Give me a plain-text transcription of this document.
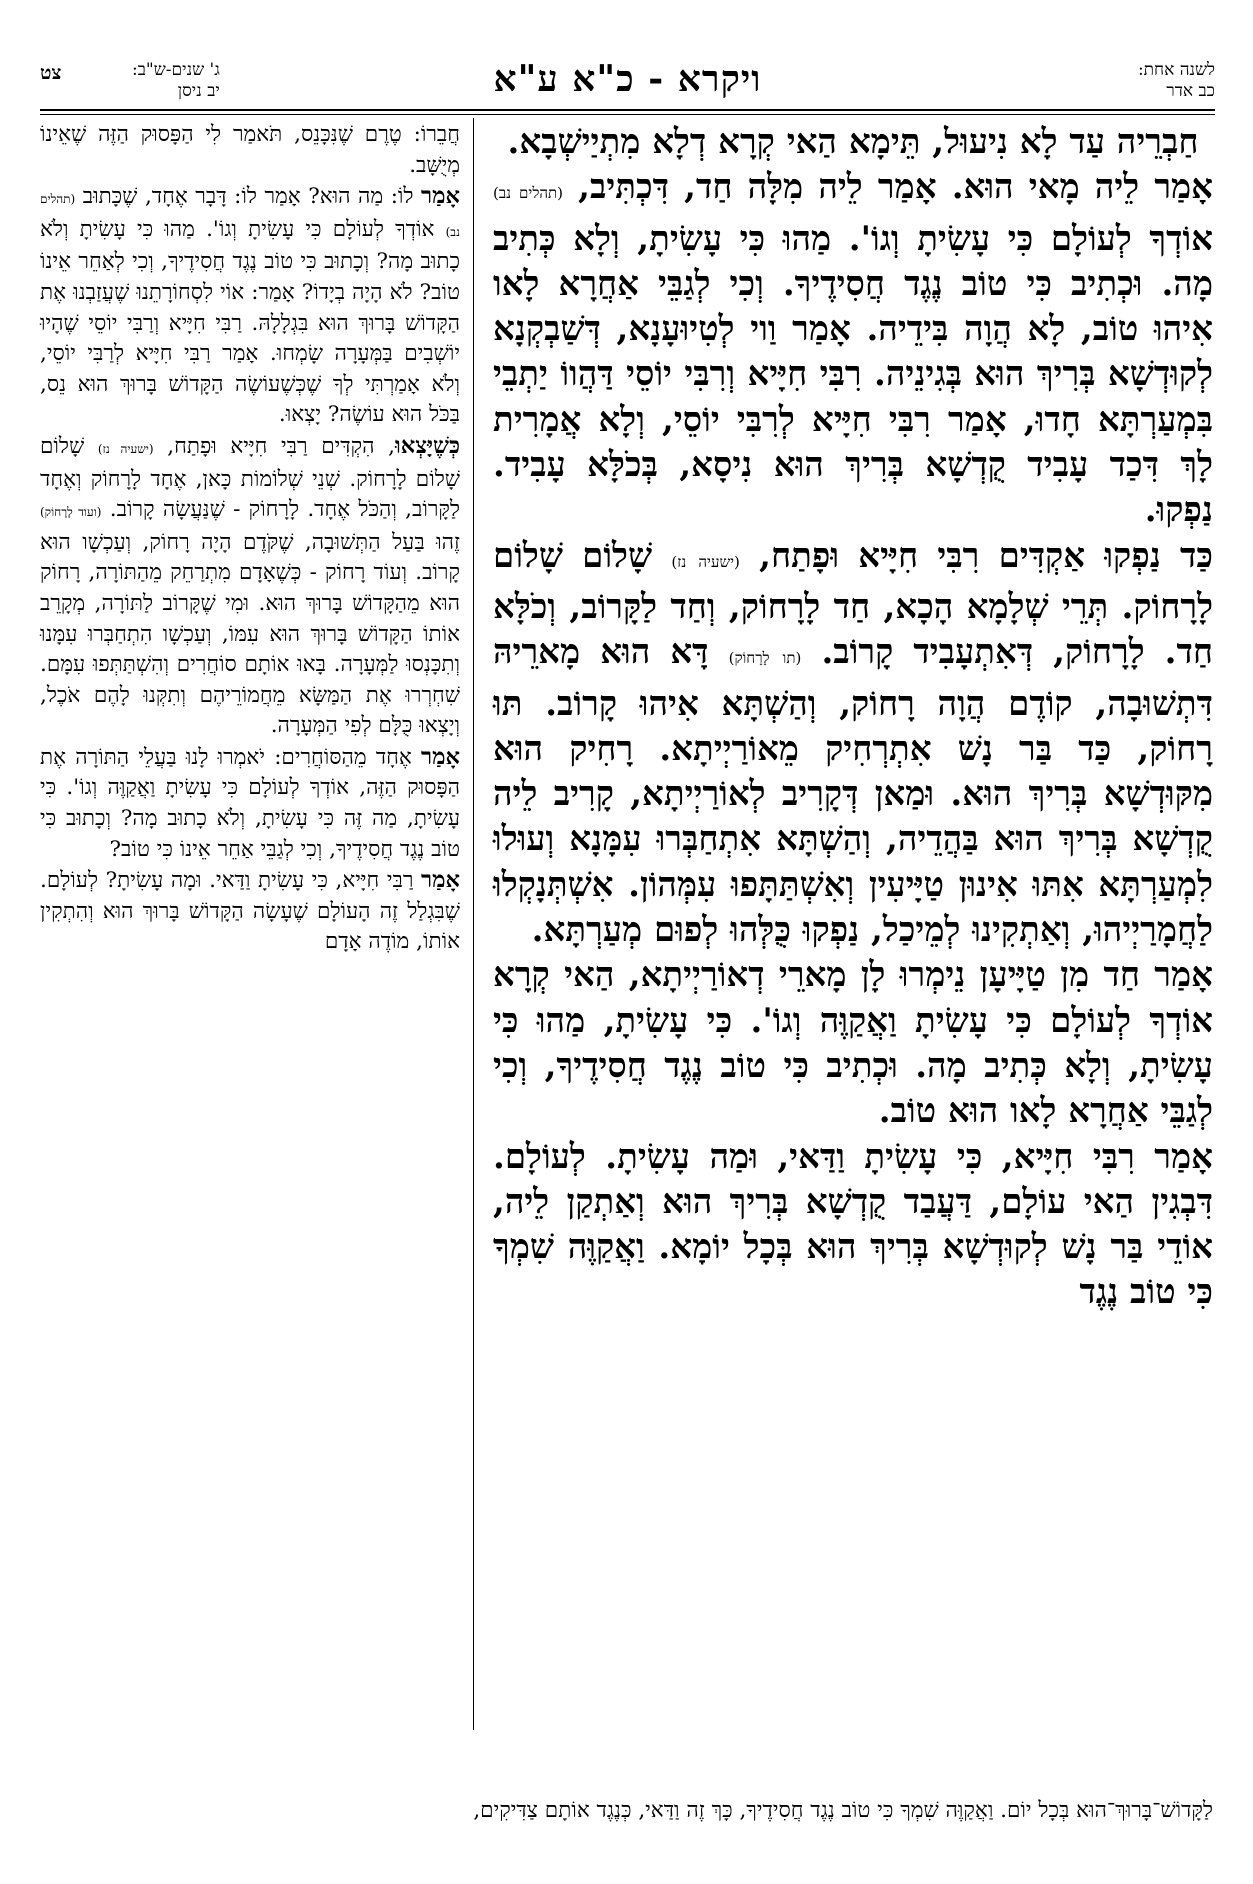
לשנה אחת:
כב אדר
ויקרא - כ"א ע"א
ג' שנים-ש"ב:
יב ניסן
צט

חַבְרֵיה עַד לָא נִיעוּל, תֵּימָא הַאי קְרָא דְלָא מִתְיַישְׁבָא.

אָמַר לֵיה מָאי הוּא. אָמַר לֵיה מִלָּה חַד, דִּכְתִּיב, (תהלים נב) אוֹדְךָ לְעוֹלָם כִּי עָשִׂיתָ וְגוֹ'. מַהוּ כִּי עָשִׂיתָ, וְלָא כְּתִיב מָה. וּכְתִיב כִּי טוֹב נֶגֶד חֲסִידֶיךָ. וְכִי לְגַבֵּי אַחֲרָא לָאו אִיהוּ טוֹב, לָא הֲוָה בִּידֵיה. אָמַר וַוי לְטִיוּעָנָא, דְּשַׁבְקְנָא לְקוּדְשָׁא בְּרִיךְ הוּא בְּגִינֵיה. רִבִּי חִיָּיא וְרִבִּי יוֹסֵי דַּהֲווֹ יַתְבֵי בִּמְעַרְתָּא חָדוּ, אָמַר רִבִּי חִיָּיא לְרִבִּי יוֹסֵי, וְלָא אֲמָרִית לָךְ דִּכַד עָבִיד קֻדְשָׁא בְּרִיךְ הוּא נִיסָא, בְּכֹלָּא עָבִיד. נַפְקוּ.

כַּד נַפְקוּ אַקְדִּים רִבִּי חִיָּיא וּפָתַח, (ישעיה נז) שָׁלוֹם שָׁלוֹם לָרָחוֹק. תְּרֵי שְׁלָמָא הָכָא, חַד לָרָחוֹק, וְחַד לַקָּרוֹב, וְכֹלָּא חַד. לָרָחוֹק, דְּאִתְעָבִיד קָרוֹב. (תו לָרָחוֹק) דָּא הוּא מָארֵיהּ דִּתְשׁוּבָה, קוֹדֶם הֲוָה רָחוֹק, וְהַשְׁתָּא אִיהוּ קָרוֹב. תּוּ רָחוֹק, כַּד בַּר נָשׁ אִתְרְחִיק מֵאוֹרַיְיתָא. רָחִיק הוּא מִקּוּדְשָׁא בְּרִיךְ הוּא. וּמַאן דְּקָרִיב לְאוֹרַיְיתָא, קָרִיב לֵיה קֻדְשָׁא בְּרִיךְ הוּא בַּהֲדֵיה, וְהַשְׁתָּא אִתְחַבְּרוּ עִמָּנָא וְעוּלוּ לִמְעַרְתָּא אִתּוּ אִינוּן טַיָּיעִין וְאִשְׁתַּתָּפוּ עִמְּהוֹן. אִשְׁתְּנָקְלוּ לַחֲמָרַיְיהוּ, וְאַתְקִינוּ לְמֵיכַל, נַפְקוּ כֻּלְּהוּ לְפוּם מְעַרְתָּא.

אָמַר חַד מִן טַיָּיעָן נֵימְרוּ לָן מָארֵי דְאוֹרַיְיתָא, הַאי קְרָא אוֹדְךָ לְעוֹלָם כִּי עָשִׂיתָ וַאֲקַוֶּה וְגוֹ'. כִּי עָשִׂיתָ, מַהוּ כִּי עָשִׂיתָ, וְלָא כְּתִיב מָה. וּכְתִיב כִּי טוֹב נֶגֶד חֲסִידֶיךָ, וְכִי לְגַבֵּי אַחֲרָא לָאו הוּא טוֹב.

אָמַר רִבִּי חִיָּיא, כִּי עָשִׂיתָ וַדַּאי, וּמַה עָשִׂיתָ. לְעוֹלָם. דִּבְגִין הַאי עוֹלָם, דַּעֲבַד קֻדְשָׁא בְּרִיךְ הוּא וְאַתְקַן לֵיה, אוֹדֵי בַּר נָשׁ לְקוּדְשָׁא בְּרִיךְ הוּא בְּכָל יוֹמָא. וַאֲקַוֶּה שִׁמְךָ כִּי טוֹב נֶגֶד

חֲבֵרוֹ: טֶרֶם שֶׁנִּכָּנֵס, תֹּאמַר לִי הַפָּסוּק הַזֶּה שֶׁאֵינוֹ מְיֻשָּׁב.

אָמַר לוֹ: מַה הוּא? אָמַר לוֹ: דָּבָר אֶחָד, שֶׁכָּתוּב (תהלים נב) אוֹדְךָ לְעוֹלָם כִּי עָשִׂיתָ וְגוֹ'. מַהוּ כִּי עָשִׂיתָ וְלֹא כָתוּב מָה? וְכָתוּב כִּי טוֹב נֶגֶד חֲסִידֶיךָ, וְכִי לְאַחֵר אֵינוֹ טוֹב? לֹא הָיָה בְיָדוֹ? אָמַר: אוֹי לִסְחוֹרָתֵנוּ שֶׁעֲזַבְנוּ אֶת הַקָּדוֹשׁ בָּרוּךְ הוּא בִּגְלָלָהּ. רַבִּי חִיָּיא וְרַבִּי יוֹסֵי שֶׁהָיוּ יוֹשְׁבִים בַּמְּעָרָה שָׂמְחוּ. אָמַר רַבִּי חִיָּיא לְרַבִּי יוֹסֵי, וְלֹא אָמַרְתִּי לְךָ שֶׁכְּשֶׁעוֹשֶׂה הַקָּדוֹשׁ בָּרוּךְ הוּא נֵס, בַּכֹּל הוּא עוֹשֶׂה? יָצְאוּ.

כְּשֶׁיָּצְאוּ, הִקְדִּים רַבִּי חִיָּיא וּפָתַח, (ישעיה נז) שָׁלוֹם שָׁלוֹם לָרָחוֹק. שְׁנֵי שְׁלוֹמוֹת כָּאן, אֶחָד לָרָחוֹק וְאֶחָד לַקָּרוֹב, וְהַכֹּל אֶחָד. לָרָחוֹק - שֶׁנַּעֲשָׂה קָרוֹב. (ועוד לָרָחוֹק) זֶהוּ בַּעַל הַתְּשׁוּבָה, שֶׁקֹּדֶם הָיָה רָחוֹק, וְעַכְשָׁו הוּא קָרוֹב. וְעוֹד רָחוֹק - כְּשֶׁאָדָם מִתְרַחֵק מֵהַתּוֹרָה, רָחוֹק הוּא מֵהַקָּדוֹשׁ בָּרוּךְ הוּא. וּמִי שֶׁקָּרוֹב לַתּוֹרָה, מְקָרֵב אוֹתוֹ הַקָּדוֹשׁ בָּרוּךְ הוּא עִמּוֹ, וְעַכְשָׁו הִתְחַבְּרוּ עִמָּנוּ וְתִכָּנְסוּ לַמְּעָרָה. בָּאוּ אוֹתָם סוֹחֲרִים וְהִשְׁתַּתְּפוּ עִמָּם. שִׁחְרְרוּ אֶת הַמַּשָּׂא מֵחֲמוֹרֵיהֶם וְתִקְּנוּ לָהֶם אֹכֶל, וְיָצְאוּ כֻּלָּם לְפִי הַמְּעָרָה.

אָמַר אֶחָד מֵהַסּוֹחֲרִים: יֹאמְרוּ לָנוּ בַּעֲלֵי הַתּוֹרָה אֶת הַפָּסוּק הַזֶּה, אוֹדְךָ לְעוֹלָם כִּי עָשִׂיתָ וַאֲקַוֶּה וְגוֹ'. כִּי עָשִׂיתָ, מַה זֶּה כִּי עָשִׂיתָ, וְלֹא כָתוּב מָה? וְכָתוּב כִּי טוֹב נֶגֶד חֲסִידֶיךָ, וְכִי לְגַבֵּי אַחֵר אֵינוֹ כִּי טוֹב?

אָמַר רַבִּי חִיָּיא, כִּי עָשִׂיתָ וַדַּאי. וּמָה עָשִׂיתָ? לְעוֹלָם. שֶׁבִּגְלַל זֶה הָעוֹלָם שֶׁעָשָׂה הַקָּדוֹשׁ בָּרוּךְ הוּא וְהִתְקִין אוֹתוֹ, מוֹדֶה אָדָם

לַקָּדוֹשׁ־בָּרוּךְ־הוּא בְּכָל יוֹם. וַאֲקַוֶּה שִׁמְךָ כִּי טוֹב נֶגֶד חֲסִידֶיךָ, כָּךְ זֶה וַדַּאי, כְּנֶגֶד אוֹתָם צַדִּיקִים,
